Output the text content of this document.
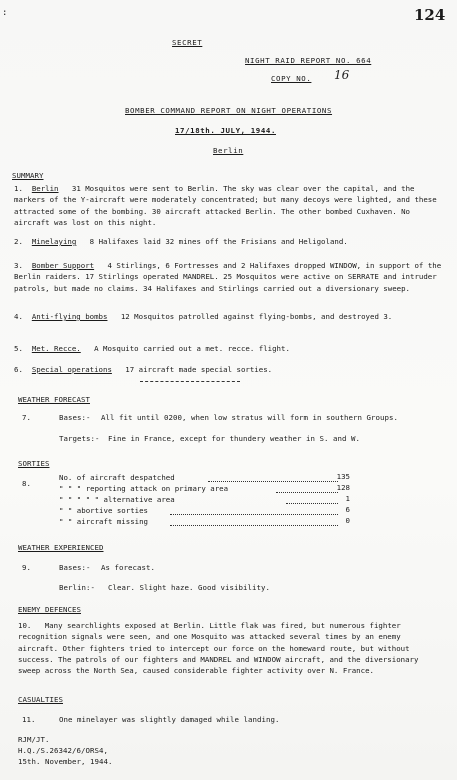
:	124
SECRET
NIGHT RAID REPORT NO. 664
COPY NO. 16
BOMBER COMMAND REPORT ON NIGHT OPERATIONS
17/18th. JULY, 1944.
Berlin
SUMMARY
1. Berlin 31 Mosquitos were sent to Berlin. The sky was clear over the capital, and the markers of the Y-aircraft were moderately concentrated; but many decoys were lighted, and these attracted some of the bombing. 30 aircraft attacked Berlin. The other bombed Cuxhaven. No aircraft was lost on this night.
2. Minelaying 8 Halifaxes laid 32 mines off the Frisians and Heligoland.
3. Bomber Support 4 Stirlings, 6 Fortresses and 2 Halifaxes dropped WINDOW, in support of the Berlin raiders. 17 Stirlings operated MANDREL. 25 Mosquitos were active on SERRATE and intruder patrols, but made no claims. 34 Halifaxes and Stirlings carried out a diversionary sweep.
4. Anti-flying bombs 12 Mosquitos patrolled against flying-bombs, and destroyed 3.
5. Met. Recce. A Mosquito carried out a met. recce. flight.
6. Special operations 17 aircraft made special sorties.
WEATHER FORECAST
7.	Bases:- All fit until 0200, when low stratus will form in southern Groups.
Targets:- Fine in France, except for thundery weather in S. and W.
SORTIES
8.
No. of aircraft despatched	135
" " " reporting attack on primary area	128
" " " " " alternative area	1
" " abortive sorties	6
" " aircraft missing	0
WEATHER EXPERIENCED
9.	Bases:- As forecast.
Berlin:- Clear. Slight haze. Good visibility.
ENEMY DEFENCES
10. Many searchlights exposed at Berlin. Little flak was fired, but numerous fighter recognition signals were seen, and one Mosquito was attacked several times by an enemy aircraft. Other fighters tried to intercept our force on the homeward route, but without success. The patrols of our fighters and MANDREL and WINDOW aircraft, and the diversionary sweep across the North Sea, caused considerable fighter activity over N. France.
CASUALTIES
11.	One minelayer was slightly damaged while landing.
RJM/JT.
H.Q./S.26342/6/ORS4,
15th. November, 1944.
